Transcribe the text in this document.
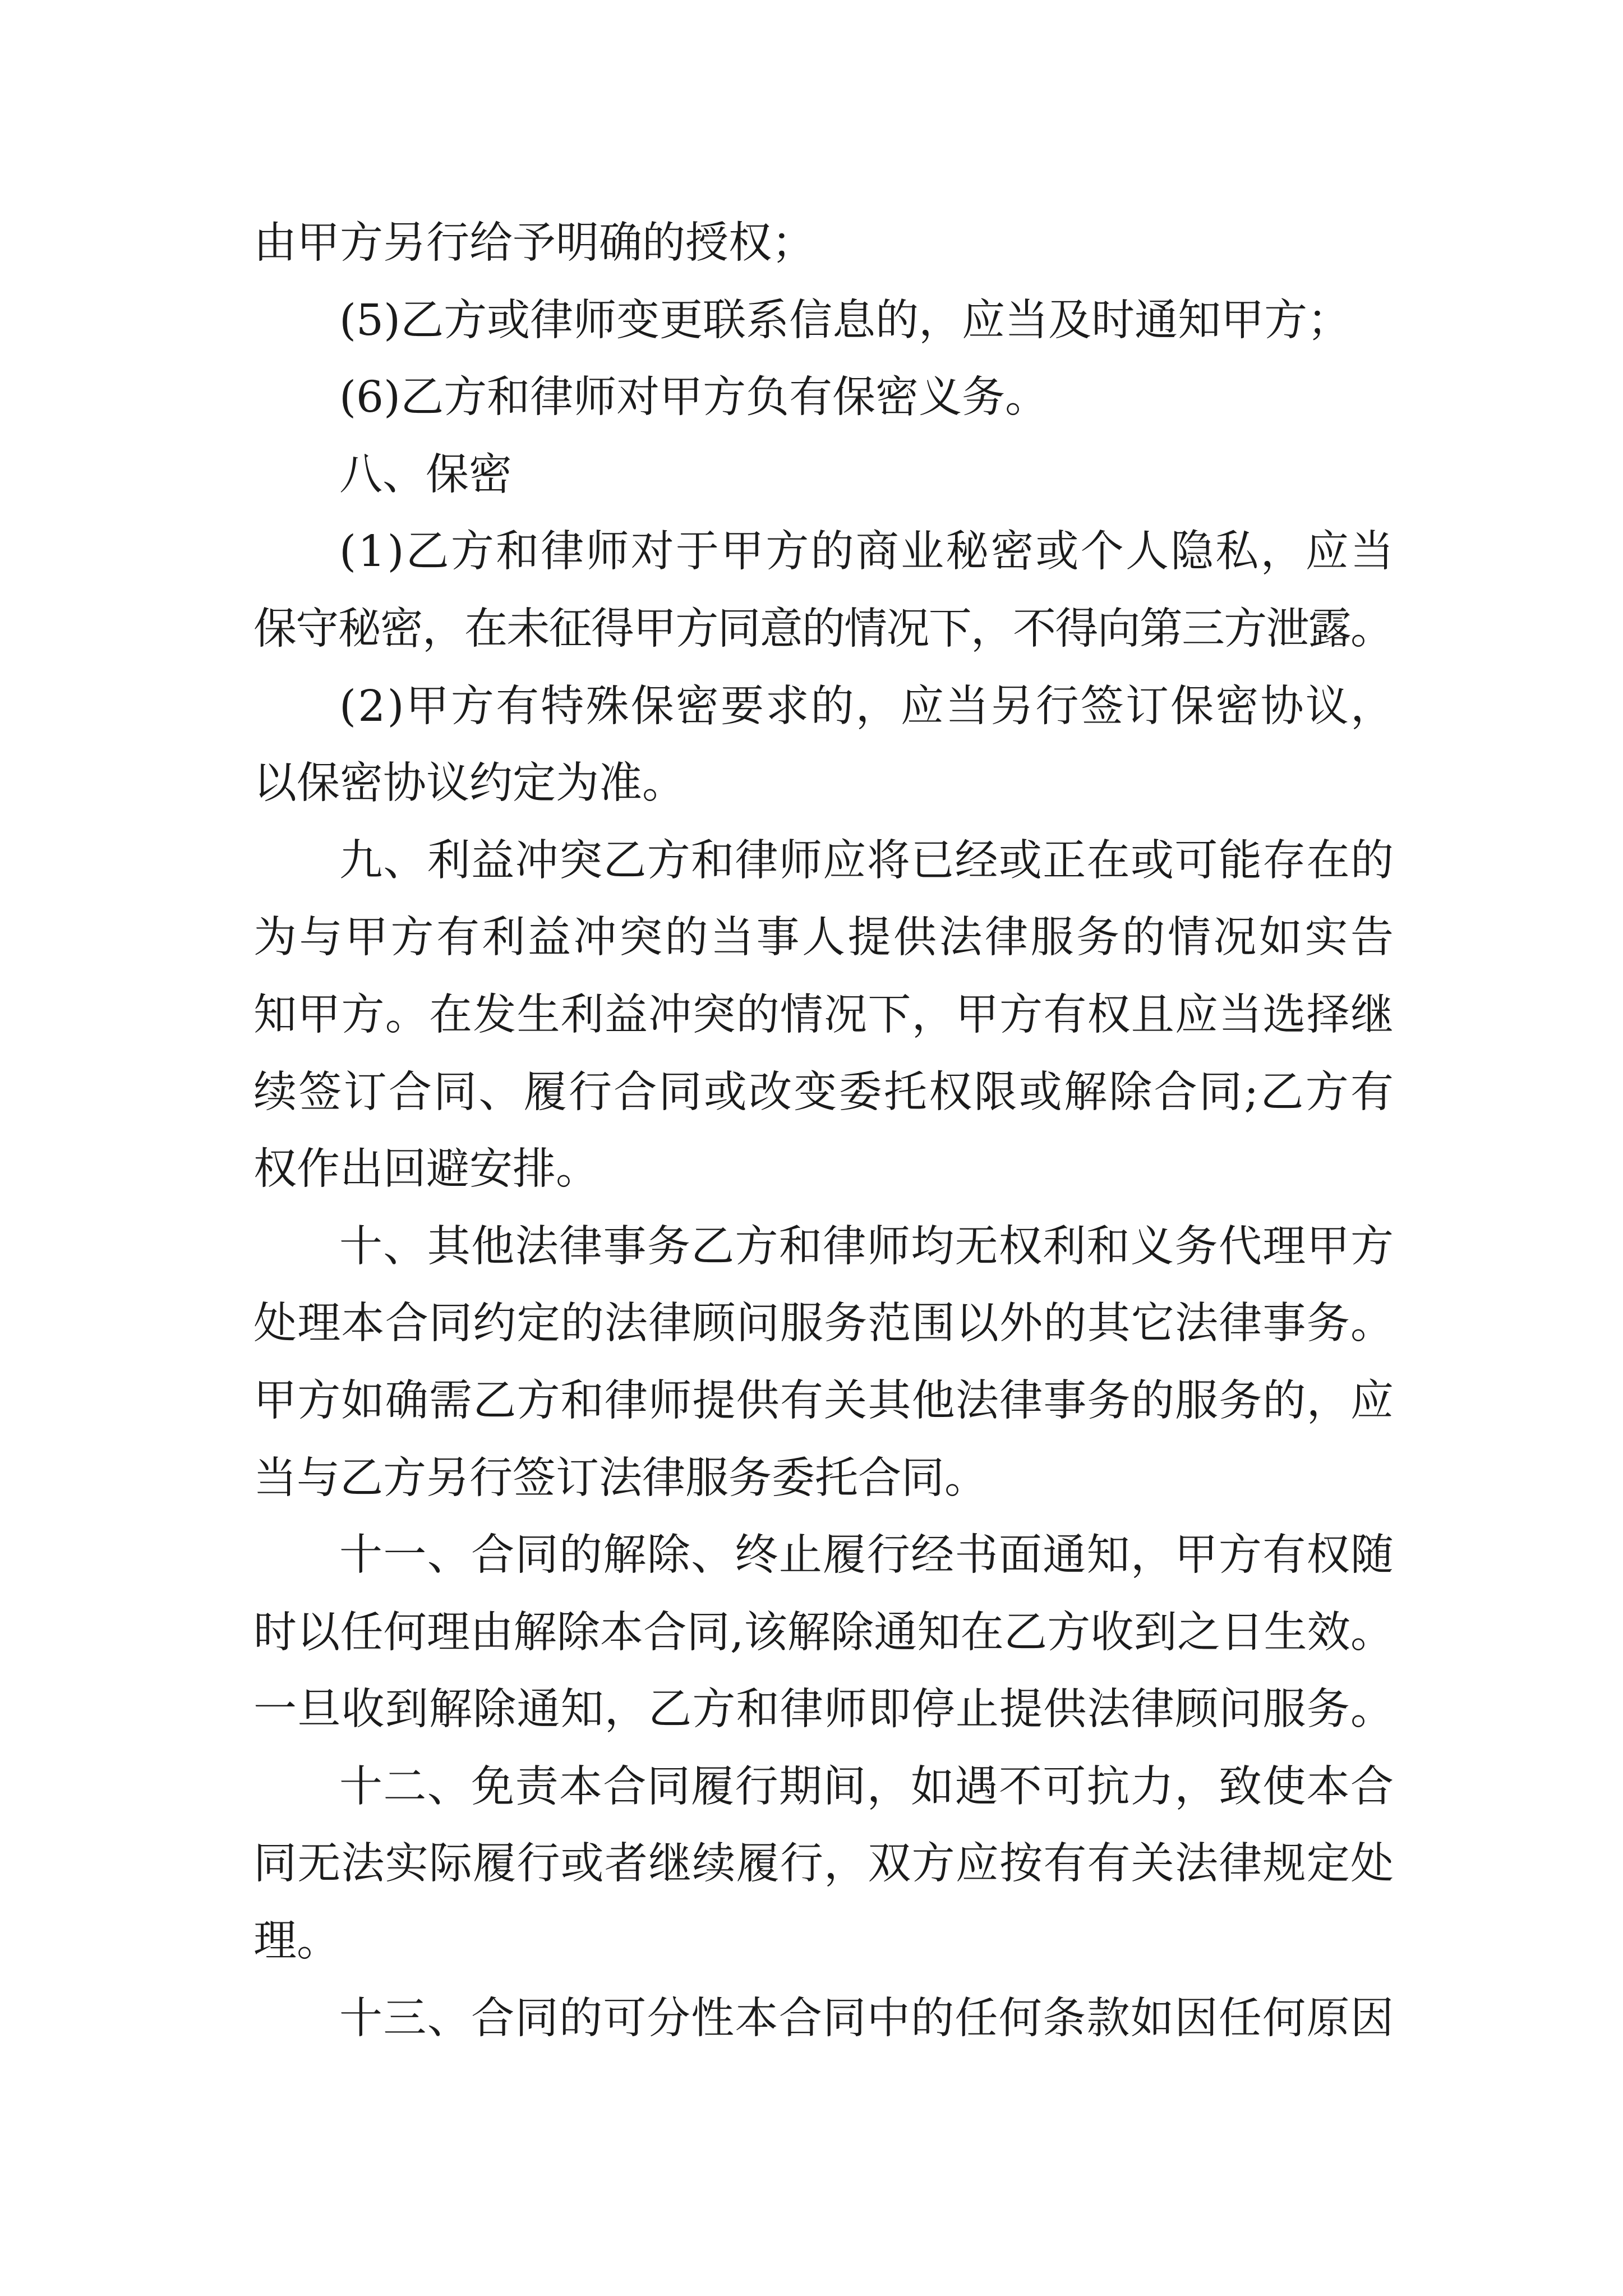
由甲方另行给予明确的授权；
(5)乙方或律师变更联系信息的，应当及时通知甲方；
(6)乙方和律师对甲方负有保密义务。
八、保密
(1)乙方和律师对于甲方的商业秘密或个人隐私，应当
保守秘密，在未征得甲方同意的情况下，不得向第三方泄露。
(2)甲方有特殊保密要求的，应当另行签订保密协议，
以保密协议约定为准。
九、利益冲突乙方和律师应将已经或正在或可能存在的
为与甲方有利益冲突的当事人提供法律服务的情况如实告
知甲方。在发生利益冲突的情况下，甲方有权且应当选择继
续签订合同、履行合同或改变委托权限或解除合同;乙方有
权作出回避安排。
十、其他法律事务乙方和律师均无权利和义务代理甲方
处理本合同约定的法律顾问服务范围以外的其它法律事务。
甲方如确需乙方和律师提供有关其他法律事务的服务的，应
当与乙方另行签订法律服务委托合同。
十一、合同的解除、终止履行经书面通知，甲方有权随
时以任何理由解除本合同,该解除通知在乙方收到之日生效。
一旦收到解除通知，乙方和律师即停止提供法律顾问服务。
十二、免责本合同履行期间，如遇不可抗力，致使本合
同无法实际履行或者继续履行，双方应按有有关法律规定处
理。
十三、合同的可分性本合同中的任何条款如因任何原因
